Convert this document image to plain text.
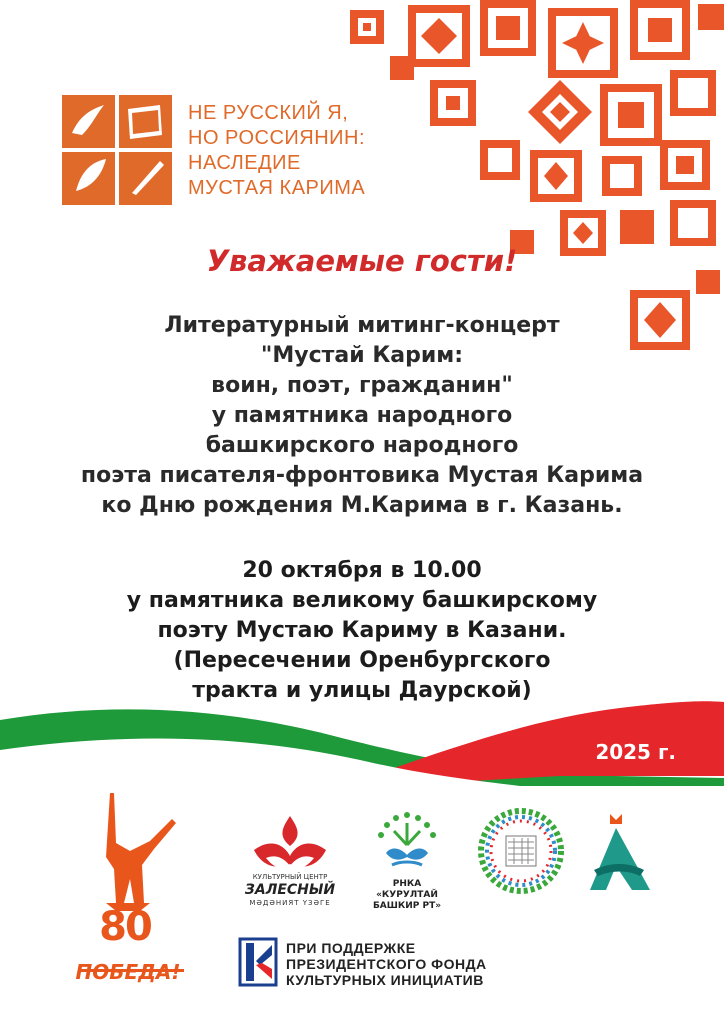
НЕ РУССКИЙ Я,
НО РОССИЯНИН:
НАСЛЕДИЕ
МУСТАЯ КАРИМА
Уважаемые гости!
Литературный митинг-концерт
"Мустай Карим:
воин, поэт, гражданин"
у памятника народного
башкирского народного
поэта писателя-фронтовика Мустая Карима
ко Дню рождения М.Карима в г. Казань.
20 октября в 10.00
у памятника великому башкирскому
поэту Мустаю Кариму в Казани.
(Пересечении Оренбургского
тракта и улицы Даурской)
2025 г.
80
ПОБЕДА!
КУЛЬТУРНЫЙ ЦЕНТР
ЗАЛЕСНЫЙ
МӘДӘНИЯТ ҮЗӘГЕ
РНКА
«КУРУЛТАЙ
БАШКИР РТ»
ПРИ ПОДДЕРЖКЕ
ПРЕЗИДЕНТСКОГО ФОНДА
КУЛЬТУРНЫХ ИНИЦИАТИВ
